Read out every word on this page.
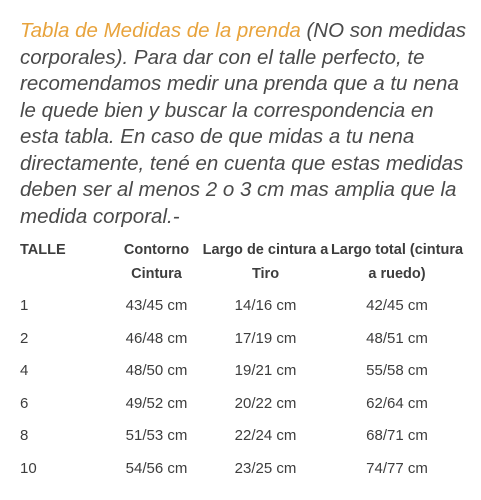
Tabla de Medidas de la prenda (NO son medidas corporales). Para dar con el talle perfecto, te recomendamos medir una prenda que a tu nena le quede bien y buscar la correspondencia en esta tabla. En caso de que midas a tu nena directamente, tené en cuenta que estas medidas deben ser al menos 2 o 3 cm mas amplia que la medida corporal.-

TALLE	Contorno Cintura	Largo de cintura a Tiro	Largo total (cintura a ruedo)
1	43/45 cm	14/16 cm	42/45 cm
2	46/48 cm	17/19 cm	48/51 cm
4	48/50 cm	19/21 cm	55/58 cm
6	49/52 cm	20/22 cm	62/64 cm
8	51/53 cm	22/24 cm	68/71 cm
10	54/56 cm	23/25 cm	74/77 cm
